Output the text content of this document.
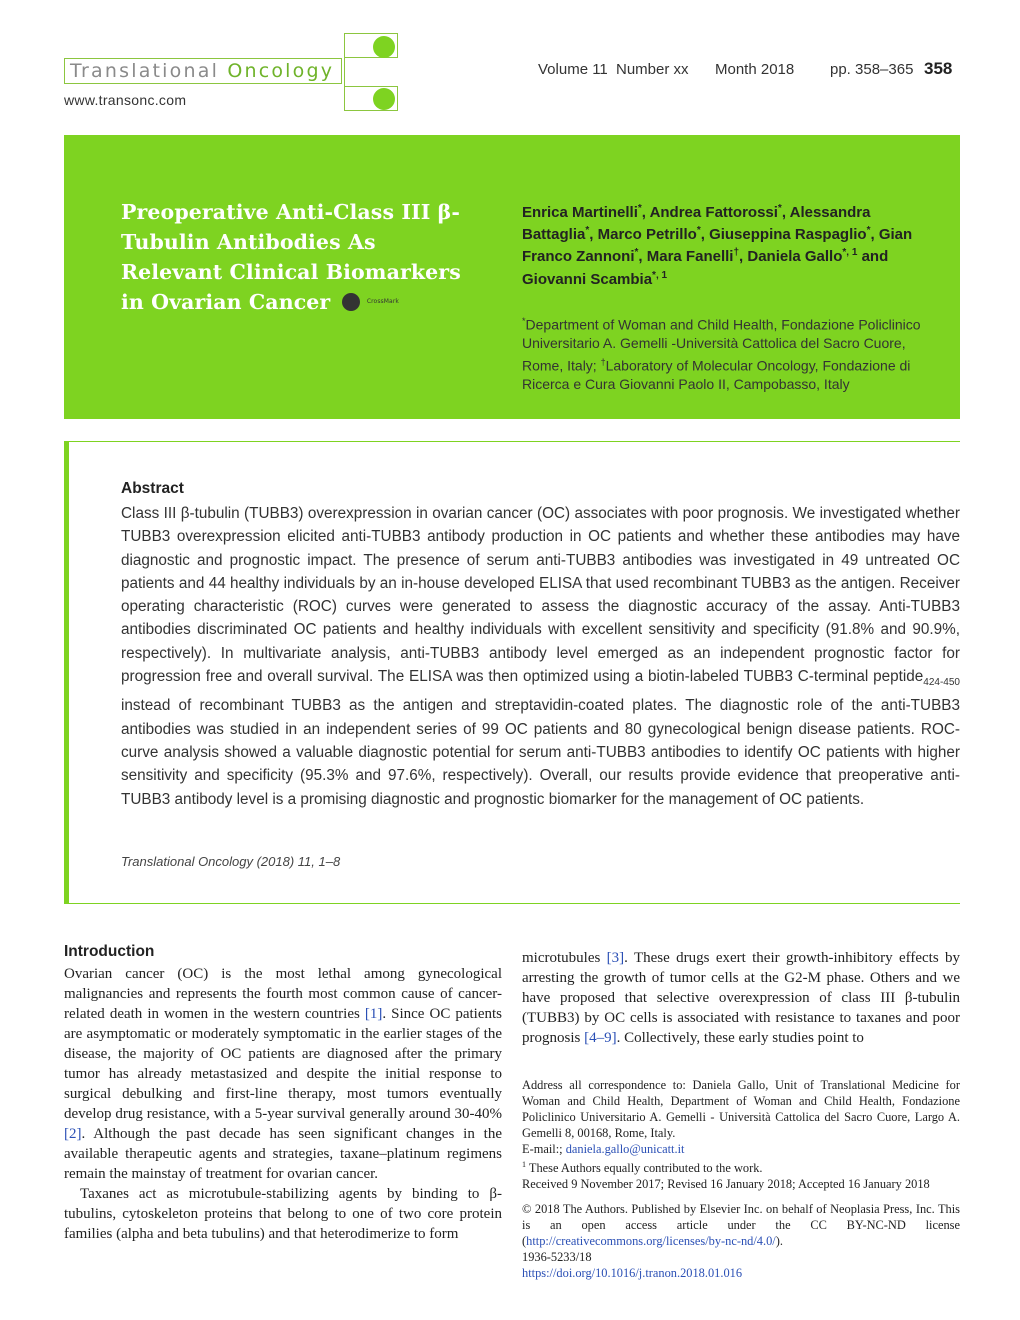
Translational Oncology
www.transonc.com
Volume 11 Number xx Month 2018 pp. 358–365 358
Preoperative Anti-Class III β-Tubulin Antibodies As Relevant Clinical Biomarkers in Ovarian Cancer	CrossMark
Enrica Martinelli*, Andrea Fattorossi*, Alessandra Battaglia*, Marco Petrillo*, Giuseppina Raspaglio*, Gian Franco Zannoni*, Mara Fanelli†, Daniela Gallo$^{*, 1}$ and Giovanni Scambia$^{*, 1}$
*Department of Woman and Child Health, Fondazione Policlinico Universitario A. Gemelli -Università Cattolica del Sacro Cuore, Rome, Italy; †Laboratory of Molecular Oncology, Fondazione di Ricerca e Cura Giovanni Paolo II, Campobasso, Italy
Abstract
Class III β-tubulin (TUBB3) overexpression in ovarian cancer (OC) associates with poor prognosis. We investigated whether TUBB3 overexpression elicited anti-TUBB3 antibody production in OC patients and whether these antibodies may have diagnostic and prognostic impact. The presence of serum anti-TUBB3 antibodies was investigated in 49 untreated OC patients and 44 healthy individuals by an in-house developed ELISA that used recombinant TUBB3 as the antigen. Receiver operating characteristic (ROC) curves were generated to assess the diagnostic accuracy of the assay. Anti-TUBB3 antibodies discriminated OC patients and healthy individuals with excellent sensitivity and specificity (91.8% and 90.9%, respectively). In multivariate analysis, anti-TUBB3 antibody level emerged as an independent prognostic factor for progression free and overall survival. The ELISA was then optimized using a biotin-labeled TUBB3 C-terminal peptide$_{424-450}$ instead of recombinant TUBB3 as the antigen and streptavidin-coated plates. The diagnostic role of the anti-TUBB3 antibodies was studied in an independent series of 99 OC patients and 80 gynecological benign disease patients. ROC-curve analysis showed a valuable diagnostic potential for serum anti-TUBB3 antibodies to identify OC patients with higher sensitivity and specificity (95.3% and 97.6%, respectively). Overall, our results provide evidence that preoperative anti-TUBB3 antibody level is a promising diagnostic and prognostic biomarker for the management of OC patients.
Translational Oncology (2018) 11, 1–8
Introduction

Ovarian cancer (OC) is the most lethal among gynecological malignancies and represents the fourth most common cause of cancer-related death in women in the western countries [1]. Since OC patients are asymptomatic or moderately symptomatic in the earlier stages of the disease, the majority of OC patients are diagnosed after the primary tumor has already metastasized and despite the initial response to surgical debulking and first-line therapy, most tumors eventually develop drug resistance, with a 5-year survival generally around 30-40% [2]. Although the past decade has seen significant changes in the available therapeutic agents and strategies, taxane–platinum regimens remain the mainstay of treatment for ovarian cancer.

Taxanes act as microtubule-stabilizing agents by binding to β-tubulins, cytoskeleton proteins that belong to one of two core protein families (alpha and beta tubulins) and that heterodimerize to form

microtubules [3]. These drugs exert their growth-inhibitory effects by arresting the growth of tumor cells at the G2-M phase. Others and we have proposed that selective overexpression of class III β-tubulin (TUBB3) by OC cells is associated with resistance to taxanes and poor prognosis [4–9]. Collectively, these early studies point to

Address all correspondence to: Daniela Gallo, Unit of Translational Medicine for Woman and Child Health, Department of Woman and Child Health, Fondazione Policlinico Universitario A. Gemelli - Università Cattolica del Sacro Cuore, Largo A. Gemelli 8, 00168, Rome, Italy.

E-mail:; daniela.gallo@unicatt.it

$^1$ These Authors equally contributed to the work.

Received 9 November 2017; Revised 16 January 2018; Accepted 16 January 2018

© 2018 The Authors. Published by Elsevier Inc. on behalf of Neoplasia Press, Inc. This is an open access article under the CC BY-NC-ND license (http://creativecommons.org/licenses/by-nc-nd/4.0/).

1936-5233/18

https://doi.org/10.1016/j.tranon.2018.01.016
